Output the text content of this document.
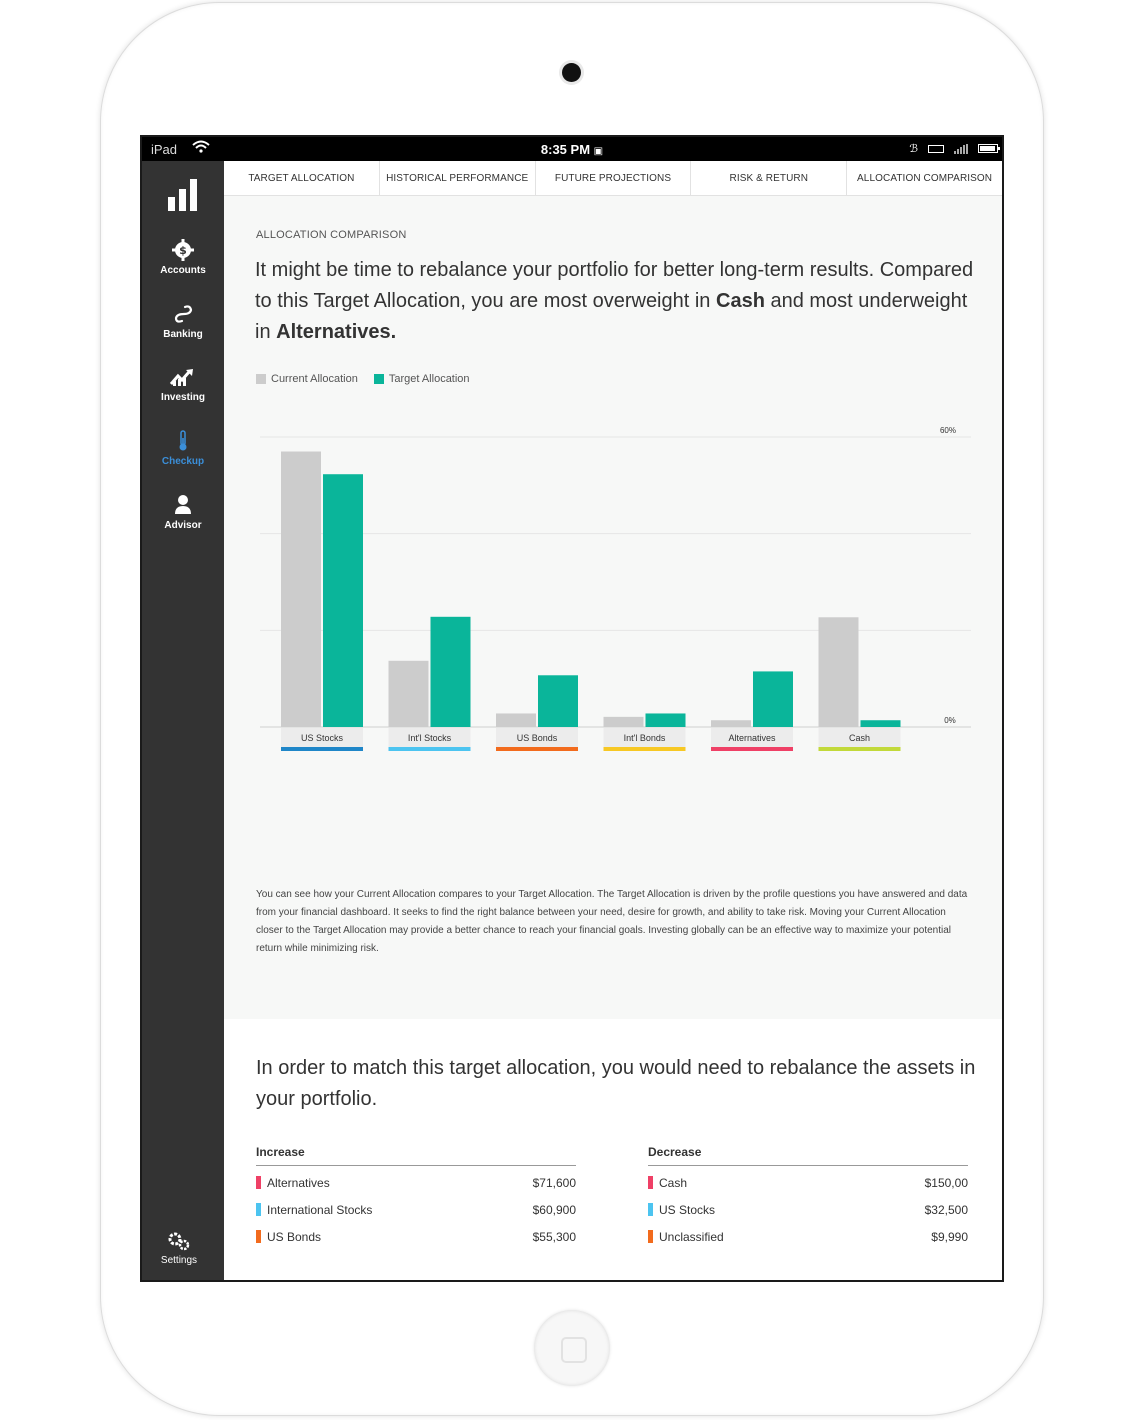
iPad	8:35 PM ▣	ℬ
$
Accounts
Banking
Investing
Checkup
Advisor
Settings
TARGET ALLOCATION	HISTORICAL PERFORMANCE	FUTURE PROJECTIONS	RISK & RETURN	ALLOCATION COMPARISON
ALLOCATION COMPARISON
It might be time to rebalance your portfolio for better long-term results. Compared to this Target Allocation, you are most overweight in Cash and most underweight in Alternatives.
Current Allocation	Target Allocation
60%
0%
US Stocks	Int'l Stocks	US Bonds	Int'l Bonds	Alternatives	Cash
You can see how your Current Allocation compares to your Target Allocation. The Target Allocation is driven by the profile questions you have answered and data from your financial dashboard. It seeks to find the right balance between your need, desire for growth, and ability to take risk. Moving your Current Allocation closer to the Target Allocation may provide a better chance to reach your financial goals. Investing globally can be an effective way to maximize your potential return while minimizing risk.
In order to match this target allocation, you would need to rebalance the assets in your portfolio.
Increase
Alternatives	$71,600
International Stocks	$60,900
US Bonds	$55,300
Decrease
Cash	$150,00
US Stocks	$32,500
Unclassified	$9,990
